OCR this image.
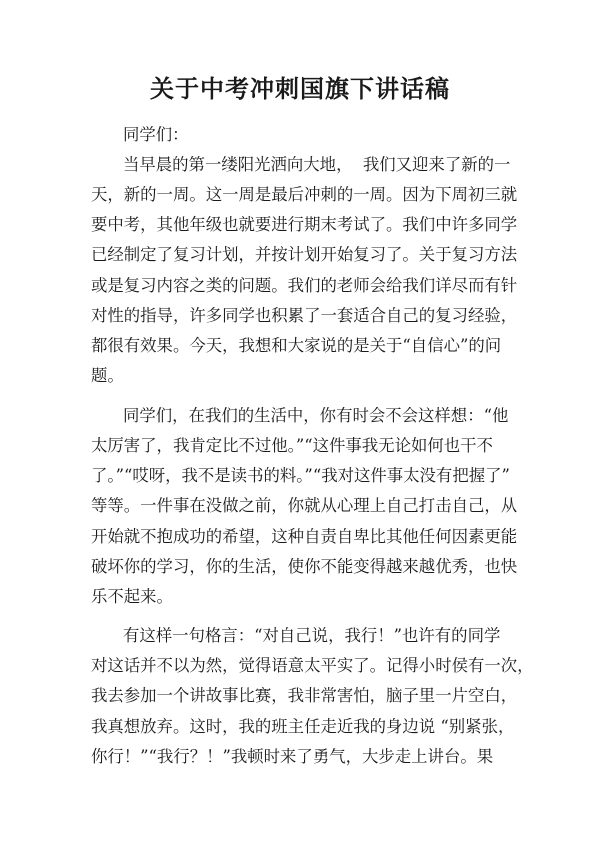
关于中考冲刺国旗下讲话稿

同学们：

当早晨的第一缕阳光洒向大地，  我们又迎来了新的一

天，新的一周。这一周是最后冲刺的一周。因为下周初三就

要中考，其他年级也就要进行期末考试了。我们中许多同学

已经制定了复习计划，并按计划开始复习了。关于复习方法

或是复习内容之类的问题。我们的老师会给我们详尽而有针

对性的指导，许多同学也积累了一套适合自己的复习经验，

都很有效果。今天，我想和大家说的是关于“自信心”的问

题。

同学们，在我们的生活中，你有时会不会这样想：“他

太厉害了，我肯定比不过他。”“这件事我无论如何也干不

了。”“哎呀，我不是读书的料。”“我对这件事太没有把握了”

等等。一件事在没做之前，你就从心理上自己打击自己，从

开始就不抱成功的希望，这种自责自卑比其他任何因素更能

破坏你的学习，你的生活，使你不能变得越来越优秀，也快

乐不起来。

有这样一句格言：“对自己说，我行！”也许有的同学

对这话并不以为然，觉得语意太平实了。记得小时侯有一次，

我去参加一个讲故事比赛，我非常害怕，脑子里一片空白，

我真想放弃。这时，我的班主任走近我的身边说 “别紧张，

你行！”“我行？！”我顿时来了勇气，大步走上讲台。果
